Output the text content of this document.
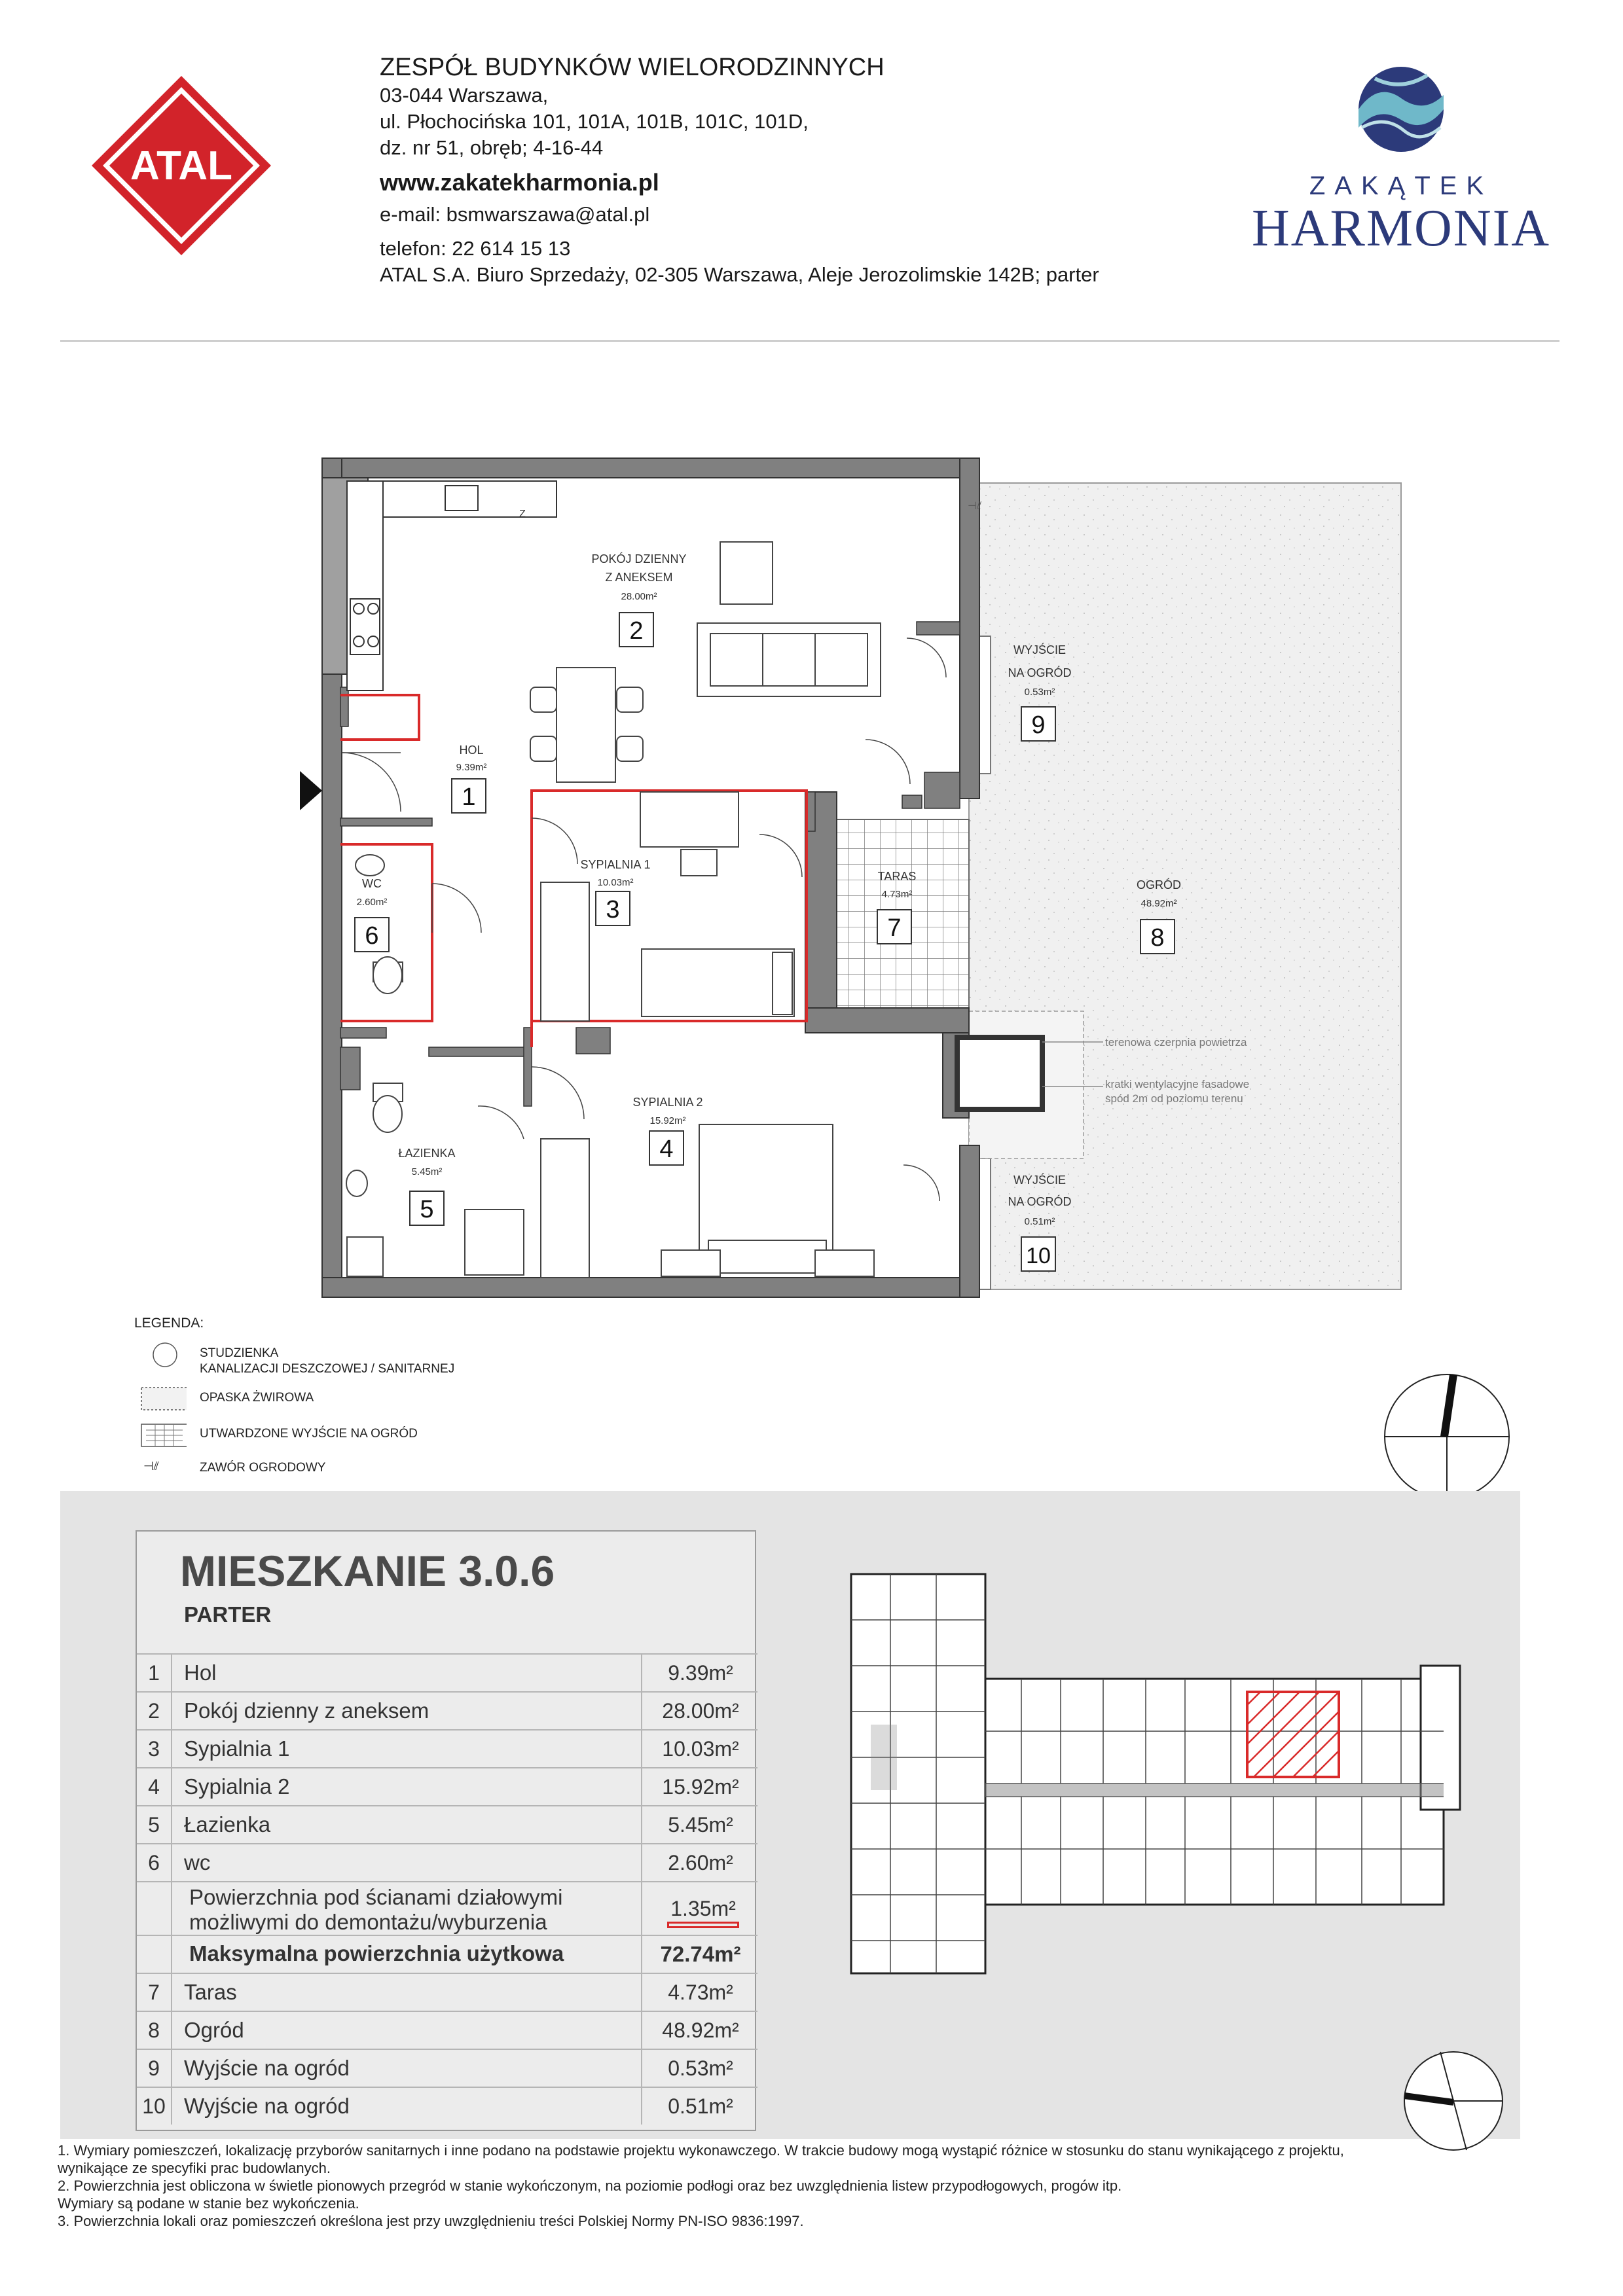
ATAL
ZESPÓŁ BUDYNKÓW WIELORODZINNYCH
03-044 Warszawa,
ul. Płochocińska 101, 101A, 101B, 101C, 101D,
dz. nr 51, obręb; 4-16-44
www.zakatekharmonia.pl
e-mail: bsmwarszawa@atal.pl
telefon: 22 614 15 13
ATAL S.A. Biuro Sprzedaży, 02-305 Warszawa, Aleje Jerozolimskie 142B; parter
ZAKĄTEK
HARMONIA
Z
HOL
9.39m²
POKÓJ DZIENNY
Z ANEKSEM
28.00m²
SYPIALNIA 1
10.03m²
SYPIALNIA 2
15.92m²
ŁAZIENKA
5.45m²
WC
2.60m²
TARAS
4.73m²
OGRÓD
48.92m²
WYJŚCIE
NA OGRÓD
0.53m²
WYJŚCIE
NA OGRÓD
0.51m²
1
2
3
4
5
6	7	8
9
10
terenowa czerpnia powietrza
kratki wentylacyjne fasadowe
spód 2m od poziomu terenu
⊣⫽
LEGENDA:
STUDZIENKA
KANALIZACJI DESZCZOWEJ / SANITARNEJ
OPASKA ŻWIROWA
UTWARDZONE WYJŚCIE NA OGRÓD
⊣⫽	ZAWÓR OGRODOWY
MIESZKANIE 3.0.6
PARTER
1	Hol	9.39m²
2	Pokój dzienny z aneksem	28.00m²
3	Sypialnia 1	10.03m²
4	Sypialnia 2	15.92m²
5	Łazienka	5.45m²
6	wc	2.60m²
Powierzchnia pod ścianami działowymi
możliwymi do demontażu/wyburzenia
1.35m²
Maksymalna powierzchnia użytkowa	72.74m²
7	Taras	4.73m²
8	Ogród	48.92m²
9	Wyjście na ogród	0.53m²
10 Wyjście na ogród	0.51m²
1. Wymiary pomieszczeń, lokalizację przyborów sanitarnych i inne podano na podstawie projektu wykonawczego. W trakcie budowy mogą wystąpić różnice w stosunku do stanu wynikającego z projektu,
wynikające ze specyfiki prac budowlanych.
2. Powierzchnia jest obliczona w świetle pionowych przegród w stanie wykończonym, na poziomie podłogi oraz bez uwzględnienia listew przypodłogowych, progów itp.
Wymiary są podane w stanie bez wykończenia.
3. Powierzchnia lokali oraz pomieszczeń określona jest przy uwzględnieniu treści Polskiej Normy PN-ISO 9836:1997.
